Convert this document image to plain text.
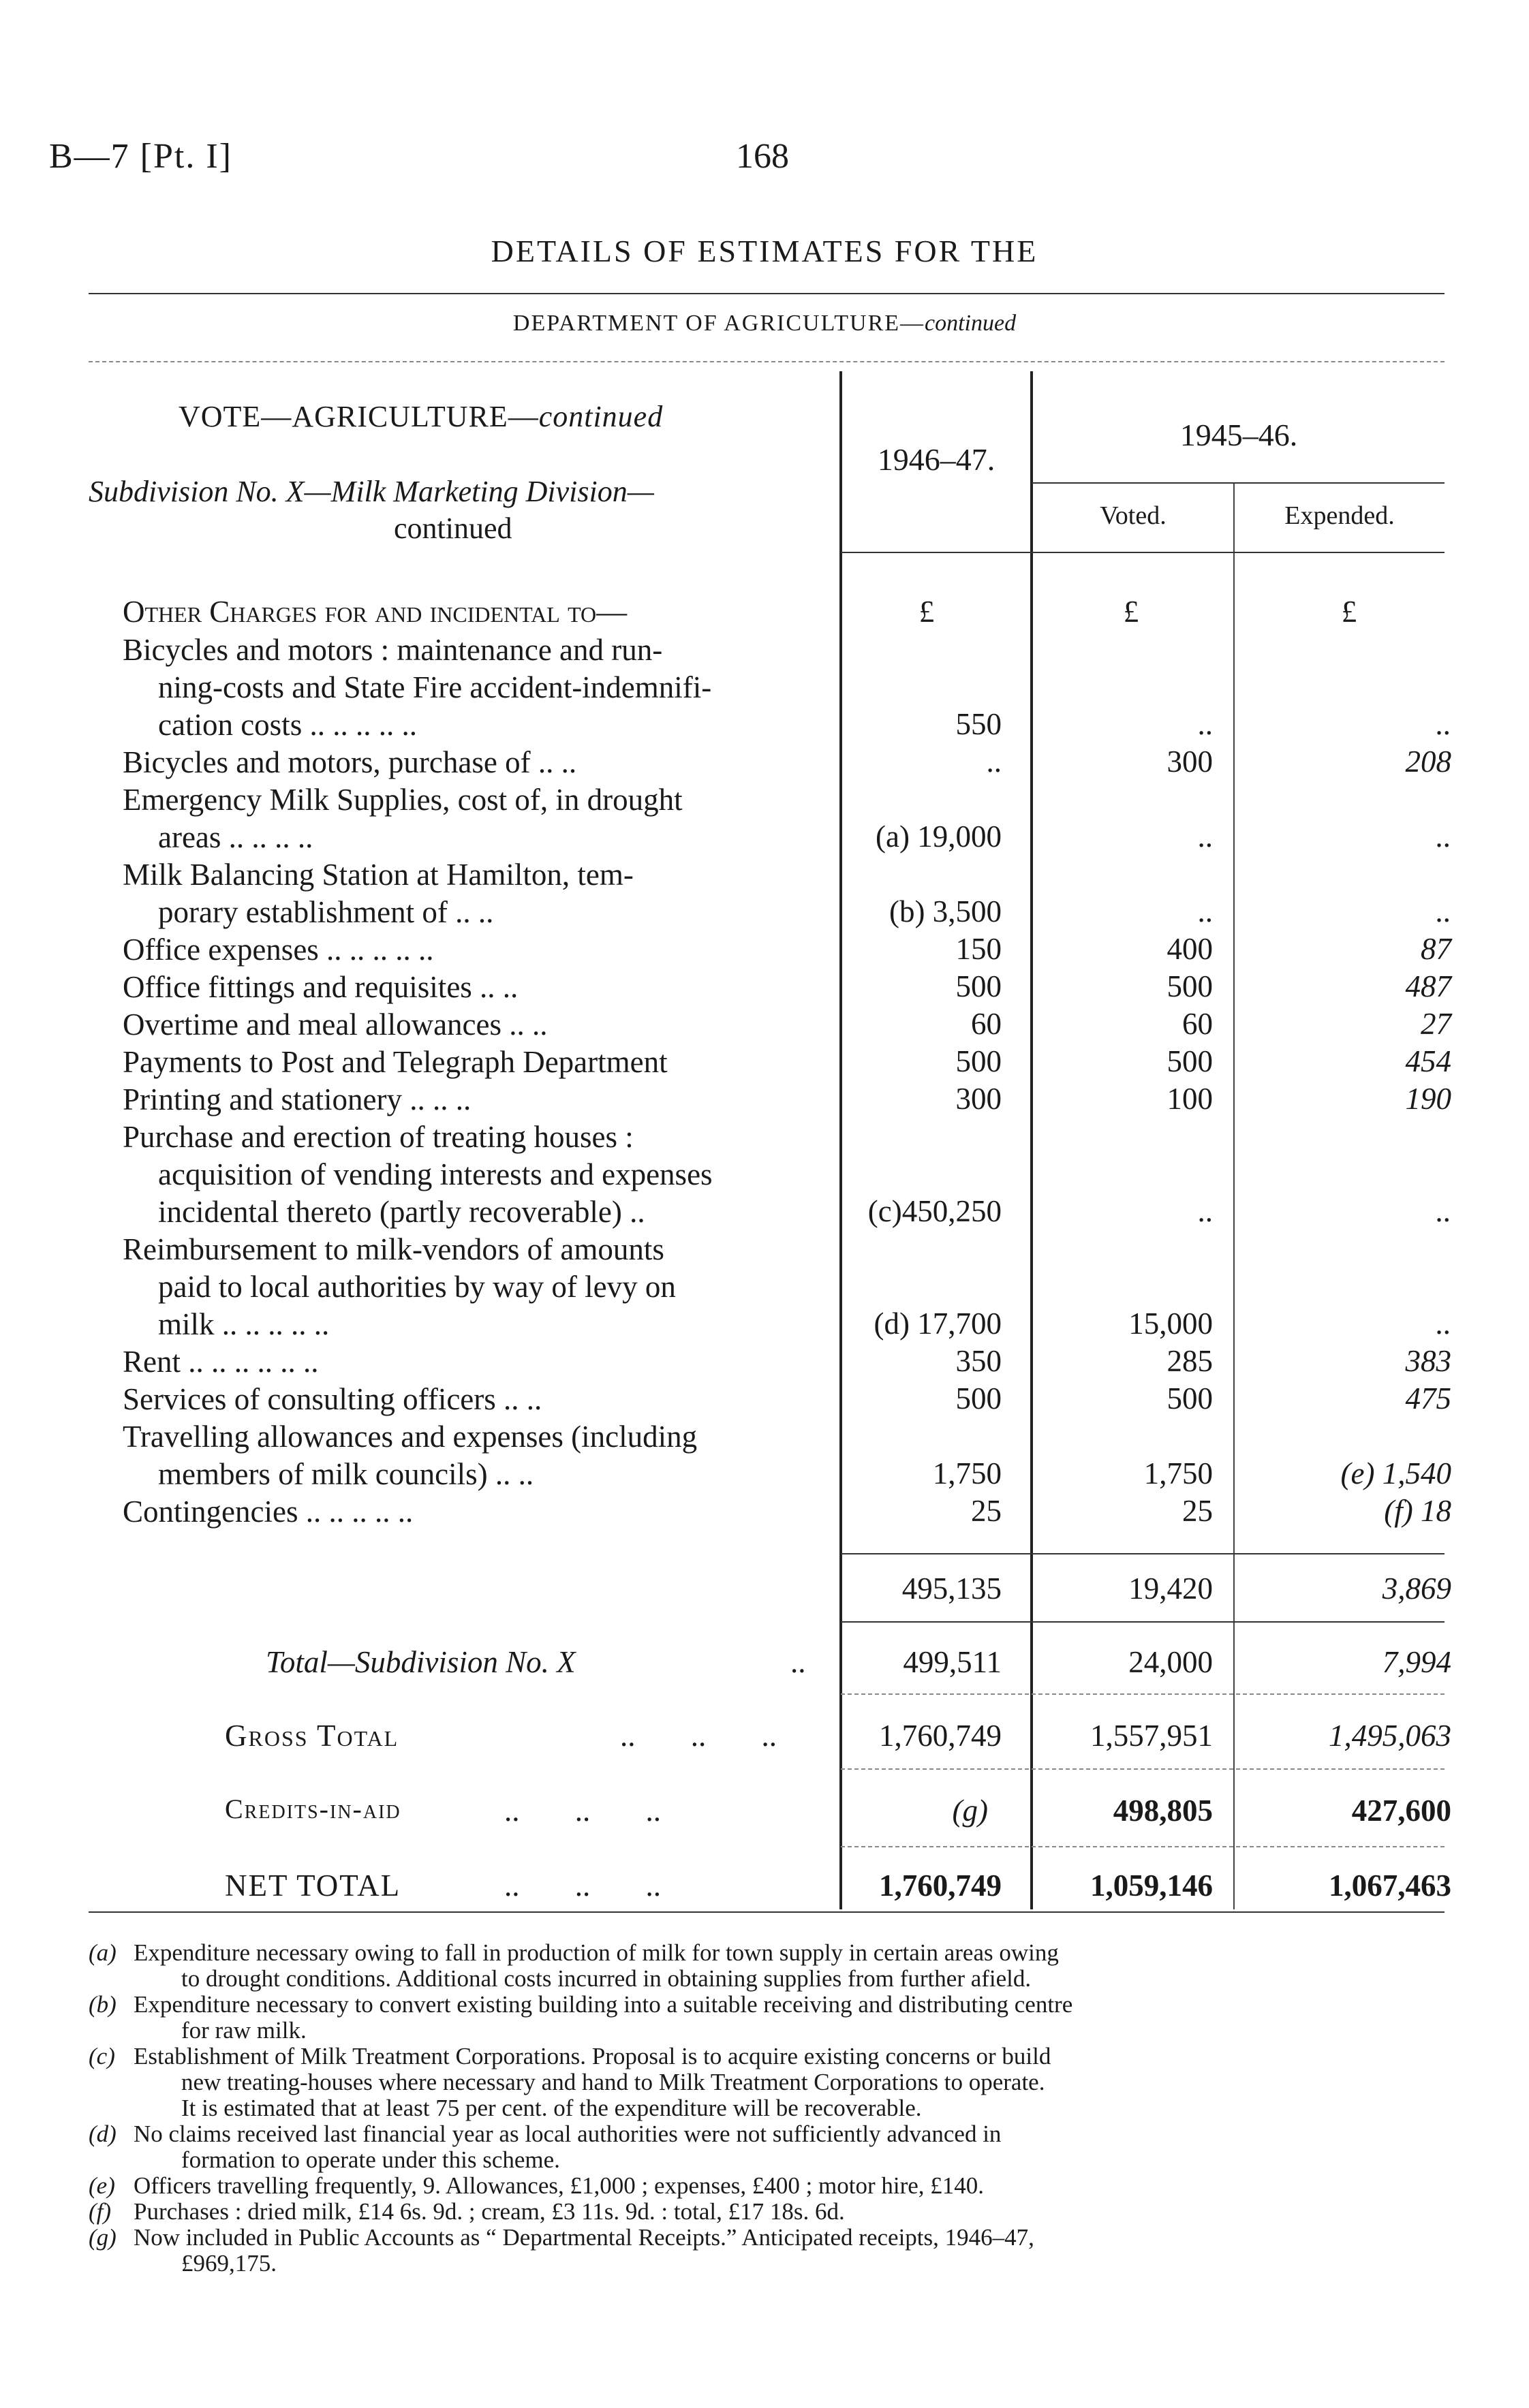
B—7 [Pt. I]	168
DETAILS OF ESTIMATES FOR THE
DEPARTMENT OF AGRICULTURE—continued
VOTE—AGRICULTURE—continued
Subdivision No. X—Milk Marketing Division—
continued
1946–47.
1945–46.
Voted.	Expended.
Other Charges for and incidental to—	£	£	£
Bicycles and motors : maintenance and run-
ning-costs and State Fire accident-indemnifi-
cation costs .. .. .. .. ..	550	..	..
Bicycles and motors, purchase of .. ..	..	300	208
Emergency Milk Supplies, cost of, in drought
areas .. .. .. ..	(a) 19,000	..	..
Milk Balancing Station at Hamilton, tem-
porary establishment of .. ..	(b) 3,500	..	..
Office expenses .. .. .. .. ..	150	400	87
Office fittings and requisites .. ..	500	500	487
Overtime and meal allowances .. ..	60	60	27
Payments to Post and Telegraph Department	500	500	454
Printing and stationery .. .. ..	300	100	190
Purchase and erection of treating houses :
acquisition of vending interests and expenses
incidental thereto (partly recoverable) ..	(c)450,250	..	..
Reimbursement to milk-vendors of amounts
paid to local authorities by way of levy on
milk .. .. .. .. ..	(d) 17,700	15,000	..
Rent .. .. .. .. .. ..	350	285	383
Services of consulting officers .. ..	500	500	475
Travelling allowances and expenses (including
members of milk councils) .. ..	1,750	1,750	(e) 1,540
Contingencies .. .. .. .. ..	25	25	(f) 18
495,135	19,420	3,869
Total—Subdivision No. X	..	499,511	24,000	7,994
Gross Total	.. .. ..	1,760,749	1,557,951	1,495,063
Credits-in-aid	.. .. ..	(g)	498,805	427,600
NET TOTAL	.. .. ..	1,760,749	1,059,146	1,067,463
(a) Expenditure necessary owing to fall in production of milk for town supply in certain areas owing
to drought conditions. Additional costs incurred in obtaining supplies from further afield.
(b) Expenditure necessary to convert existing building into a suitable receiving and distributing centre
for raw milk.
(c) Establishment of Milk Treatment Corporations. Proposal is to acquire existing concerns or build
new treating-houses where necessary and hand to Milk Treatment Corporations to operate.
It is estimated that at least 75 per cent. of the expenditure will be recoverable.
(d) No claims received last financial year as local authorities were not sufficiently advanced in
formation to operate under this scheme.
(e) Officers travelling frequently, 9. Allowances, £1,000 ; expenses, £400 ; motor hire, £140.
(f) Purchases : dried milk, £14 6s. 9d. ; cream, £3 11s. 9d. : total, £17 18s. 6d.
(g) Now included in Public Accounts as “ Departmental Receipts.” Anticipated receipts, 1946–47,
£969,175.
